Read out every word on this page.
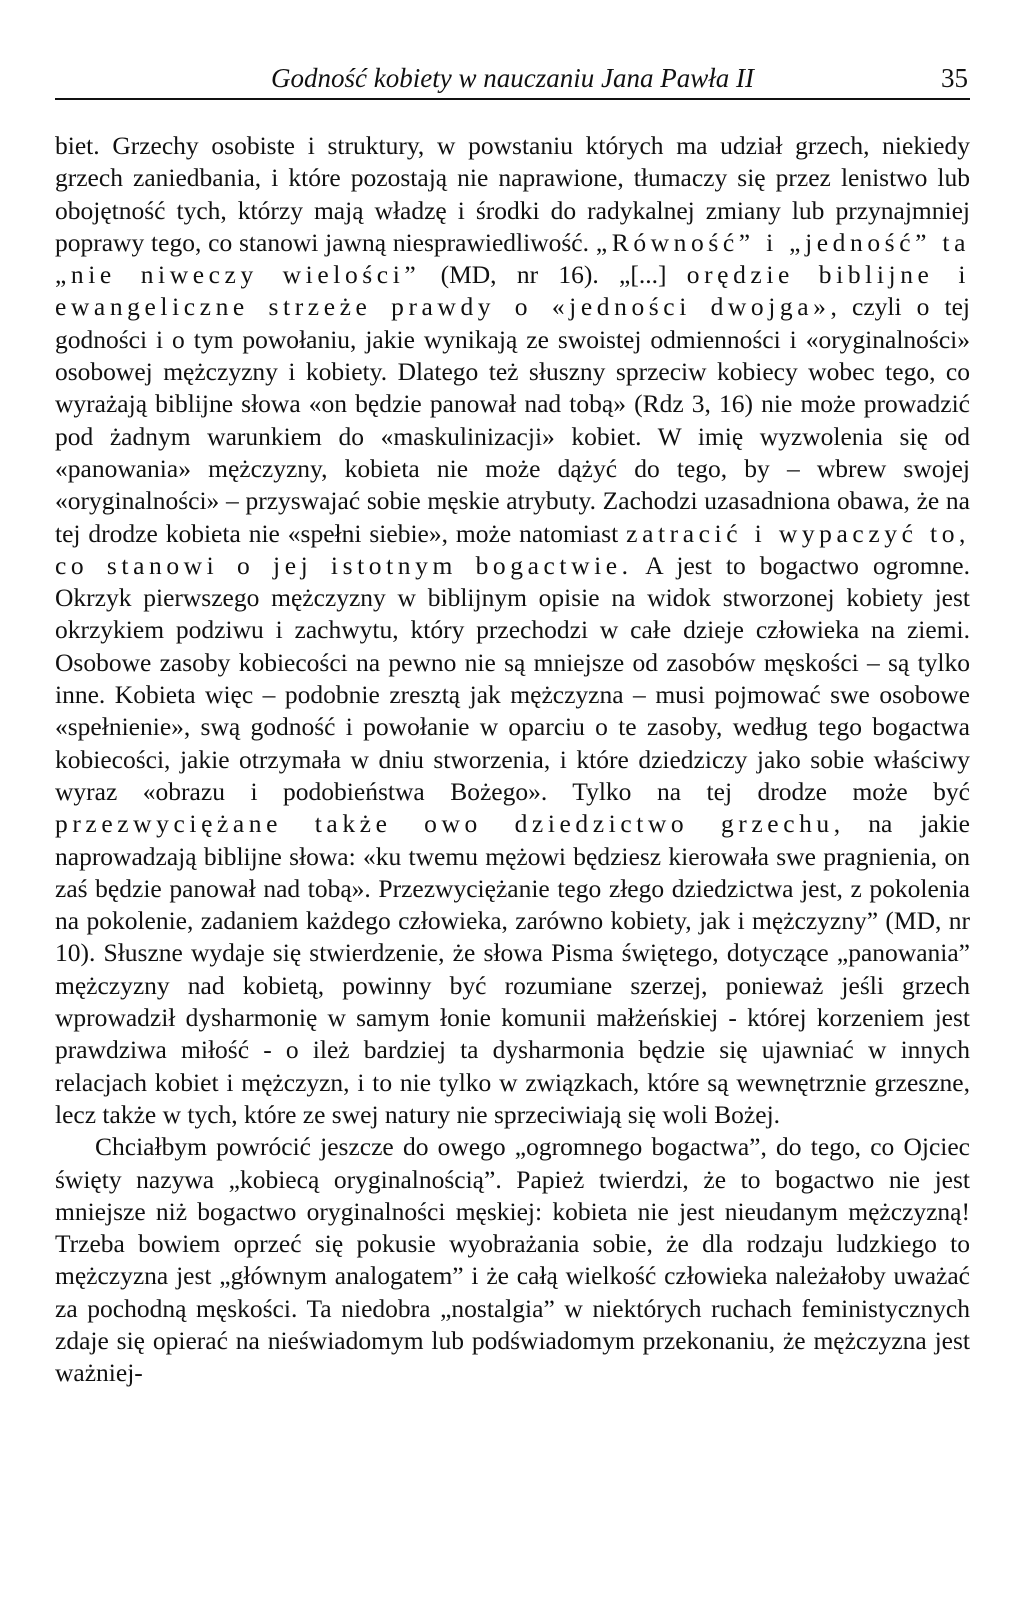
Godność kobiety w nauczaniu Jana Pawła II	35

biet. Grzechy osobiste i struktury, w powstaniu których ma udział grzech, niekiedy grzech zaniedbania, i które pozostają nie naprawione, tłumaczy się przez lenistwo lub obojętność tych, którzy mają władzę i środki do radykalnej zmiany lub przynajmniej poprawy tego, co stanowi jawną niesprawiedliwość. „Równość” i „jedność” ta „nie niweczy wielości” (MD, nr 16). „[...] orędzie biblijne i ewangeliczne strzeże prawdy o «jedności dwojga», czyli o tej godności i o tym powołaniu, jakie wynikają ze swoistej odmienności i «oryginalności» osobowej mężczyzny i kobiety. Dlatego też słuszny sprzeciw kobiecy wobec tego, co wyrażają biblijne słowa «on będzie panował nad tobą» (Rdz 3, 16) nie może prowadzić pod żadnym warunkiem do «maskulinizacji» kobiet. W imię wyzwolenia się od «panowania» mężczyzny, kobieta nie może dążyć do tego, by – wbrew swojej «oryginalności» – przyswajać sobie męskie atrybuty. Zachodzi uzasadniona obawa, że na tej drodze kobieta nie «spełni siebie», może natomiast zatracić i wypaczyć to, co stanowi o jej istotnym bogactwie. A jest to bogactwo ogromne. Okrzyk pierwszego mężczyzny w biblijnym opisie na widok stworzonej kobiety jest okrzykiem podziwu i zachwytu, który przechodzi w całe dzieje człowieka na ziemi. Osobowe zasoby kobiecości na pewno nie są mniejsze od zasobów męskości – są tylko inne. Kobieta więc – podobnie zresztą jak mężczyzna – musi pojmować swe osobowe «spełnienie», swą godność i powołanie w oparciu o te zasoby, według tego bogactwa kobiecości, jakie otrzymała w dniu stworzenia, i które dziedziczy jako sobie właściwy wyraz «obrazu i podobieństwa Bożego». Tylko na tej drodze może być przezwyciężane także owo dziedzictwo grzechu, na jakie naprowadzają biblijne słowa: «ku twemu mężowi będziesz kierowała swe pragnienia, on zaś będzie panował nad tobą». Przezwyciężanie tego złego dziedzictwa jest, z pokolenia na pokolenie, zadaniem każdego człowieka, zarówno kobiety, jak i mężczyzny” (MD, nr 10). Słuszne wydaje się stwierdzenie, że słowa Pisma świętego, dotyczące „panowania” mężczyzny nad kobietą, powinny być rozumiane szerzej, ponieważ jeśli grzech wprowadził dysharmonię w samym łonie komunii małżeńskiej - której korzeniem jest prawdziwa miłość - o ileż bardziej ta dysharmonia będzie się ujawniać w innych relacjach kobiet i mężczyzn, i to nie tylko w związkach, które są wewnętrznie grzeszne, lecz także w tych, które ze swej natury nie sprzeciwiają się woli Bożej.

Chciałbym powrócić jeszcze do owego „ogromnego bogactwa”, do tego, co Ojciec święty nazywa „kobiecą oryginalnością”. Papież twierdzi, że to bogactwo nie jest mniejsze niż bogactwo oryginalności męskiej: kobieta nie jest nieudanym mężczyzną! Trzeba bowiem oprzeć się pokusie wyobrażania sobie, że dla rodzaju ludzkiego to mężczyzna jest „głównym analogatem” i że całą wielkość człowieka należałoby uważać za pochodną męskości. Ta niedobra „nostalgia” w niektórych ruchach feministycznych zdaje się opierać na nieświadomym lub podświadomym przekonaniu, że mężczyzna jest ważniej-
